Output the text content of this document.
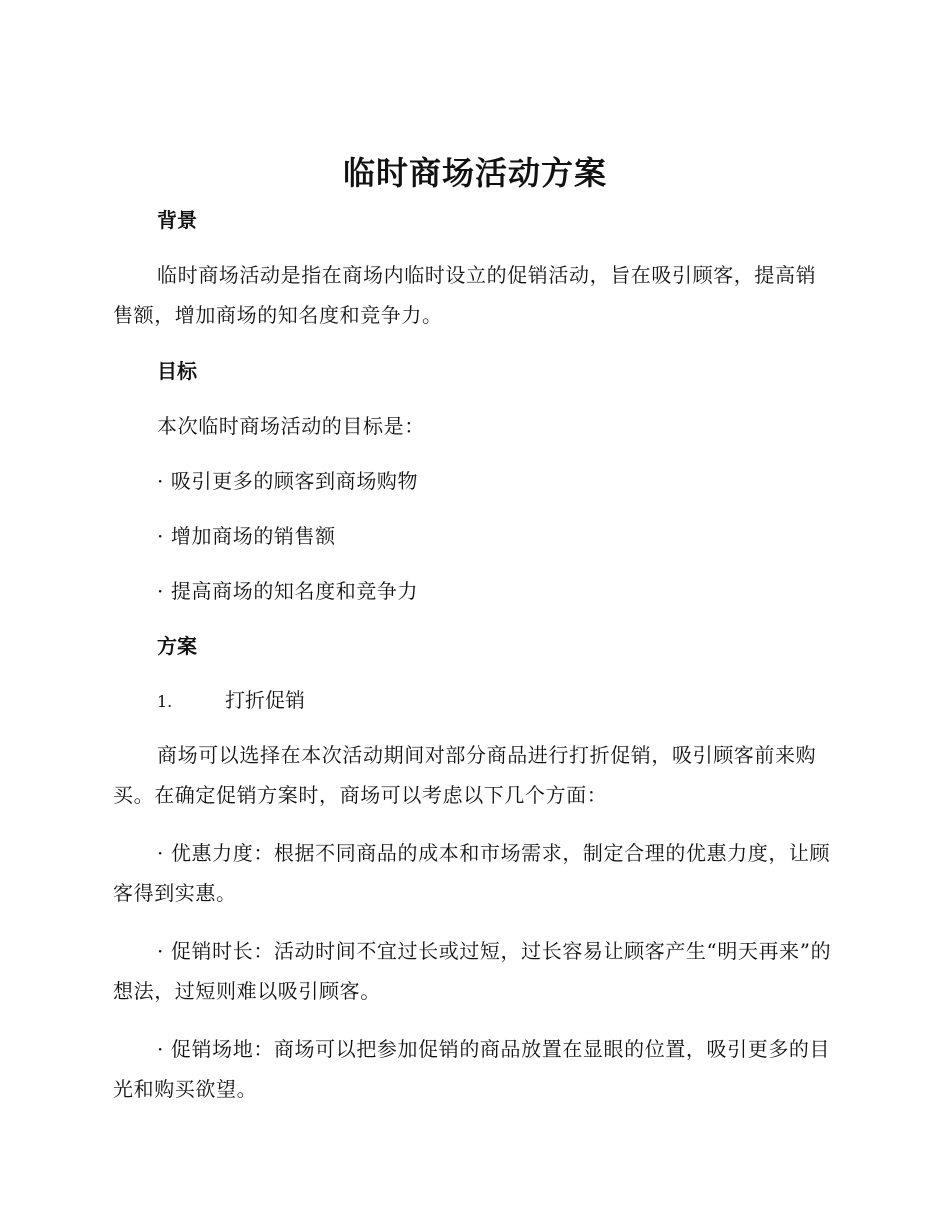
临时商场活动方案
背景

临时商场活动是指在商场内临时设立的促销活动，旨在吸引顾客，提高销售额，增加商场的知名度和竞争力。

目标
本次临时商场活动的目标是：
· 吸引更多的顾客到商场购物
· 增加商场的销售额
· 提高商场的知名度和竞争力
方案
1.	打折促销

商场可以选择在本次活动期间对部分商品进行打折促销，吸引顾客前来购买。在确定促销方案时，商场可以考虑以下几个方面：

· 优惠力度：根据不同商品的成本和市场需求，制定合理的优惠力度，让顾客得到实惠。

· 促销时长：活动时间不宜过长或过短，过长容易让顾客产生“明天再来”的想法，过短则难以吸引顾客。

· 促销场地：商场可以把参加促销的商品放置在显眼的位置，吸引更多的目光和购买欲望。
